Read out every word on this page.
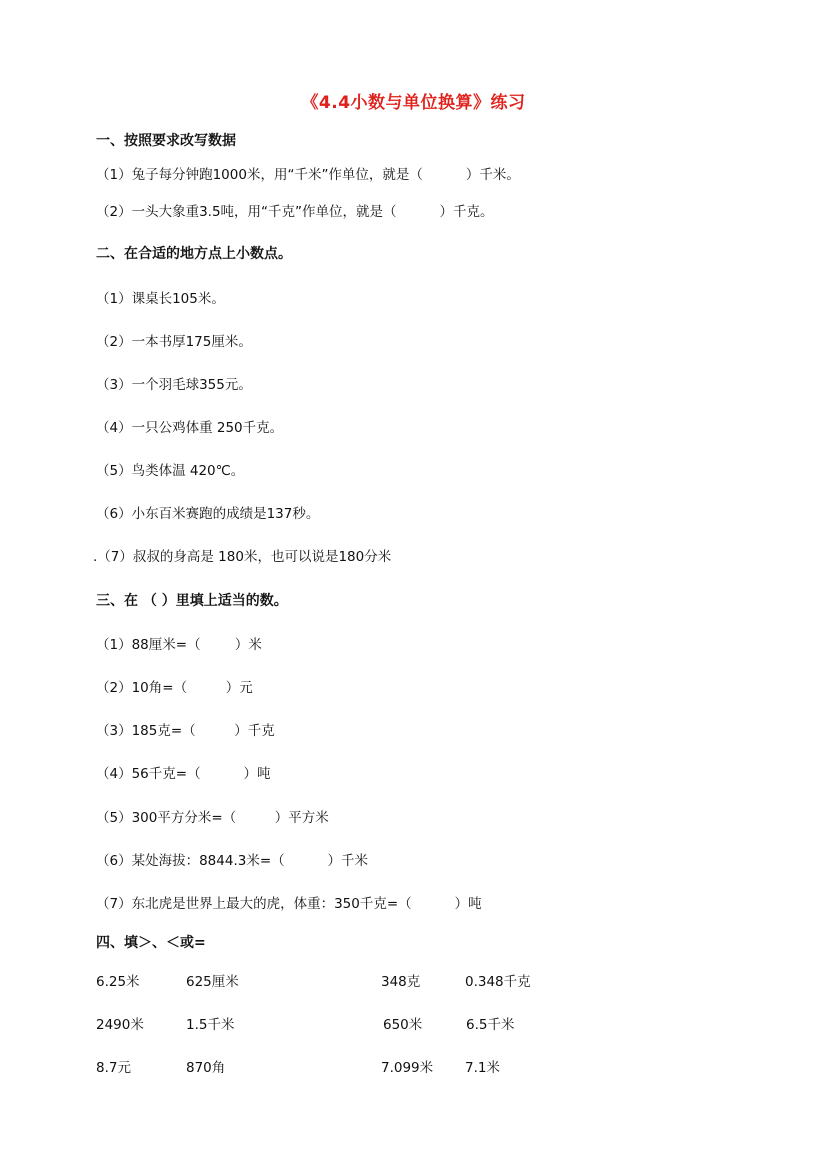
《4.4小数与单位换算》练习
一、按照要求改写数据
（1）兔子每分钟跑1000米，用“千米”作单位，就是（          ）千米。
（2）一头大象重3.5吨，用“千克”作单位，就是（          ）千克。
二、在合适的地方点上小数点。
（1）课桌长105米。
（2）一本书厚175厘米。
（3）一个羽毛球355元。
（4）一只公鸡体重 250千克。
（5）鸟类体温 420℃。
（6）小东百米赛跑的成绩是137秒。
.（7）叔叔的身高是 180米，也可以说是180分米
三、在 （ ）里填上适当的数。
（1）88厘米=（        ）米
（2）10角=（         ）元
（3）185克=（         ）千克
（4）56千克=（          ）吨
（5）300平方分米=（         ）平方米
（6）某处海拔：8844.3米=（          ）千米
（7）东北虎是世界上最大的虎，体重：350千克=（          ）吨
四、填＞、＜或=
6.25米	625厘米	348克	0.348千克
2490米	1.5千米	650米	6.5千米
8.7元	870角	7.099米 7.1米
